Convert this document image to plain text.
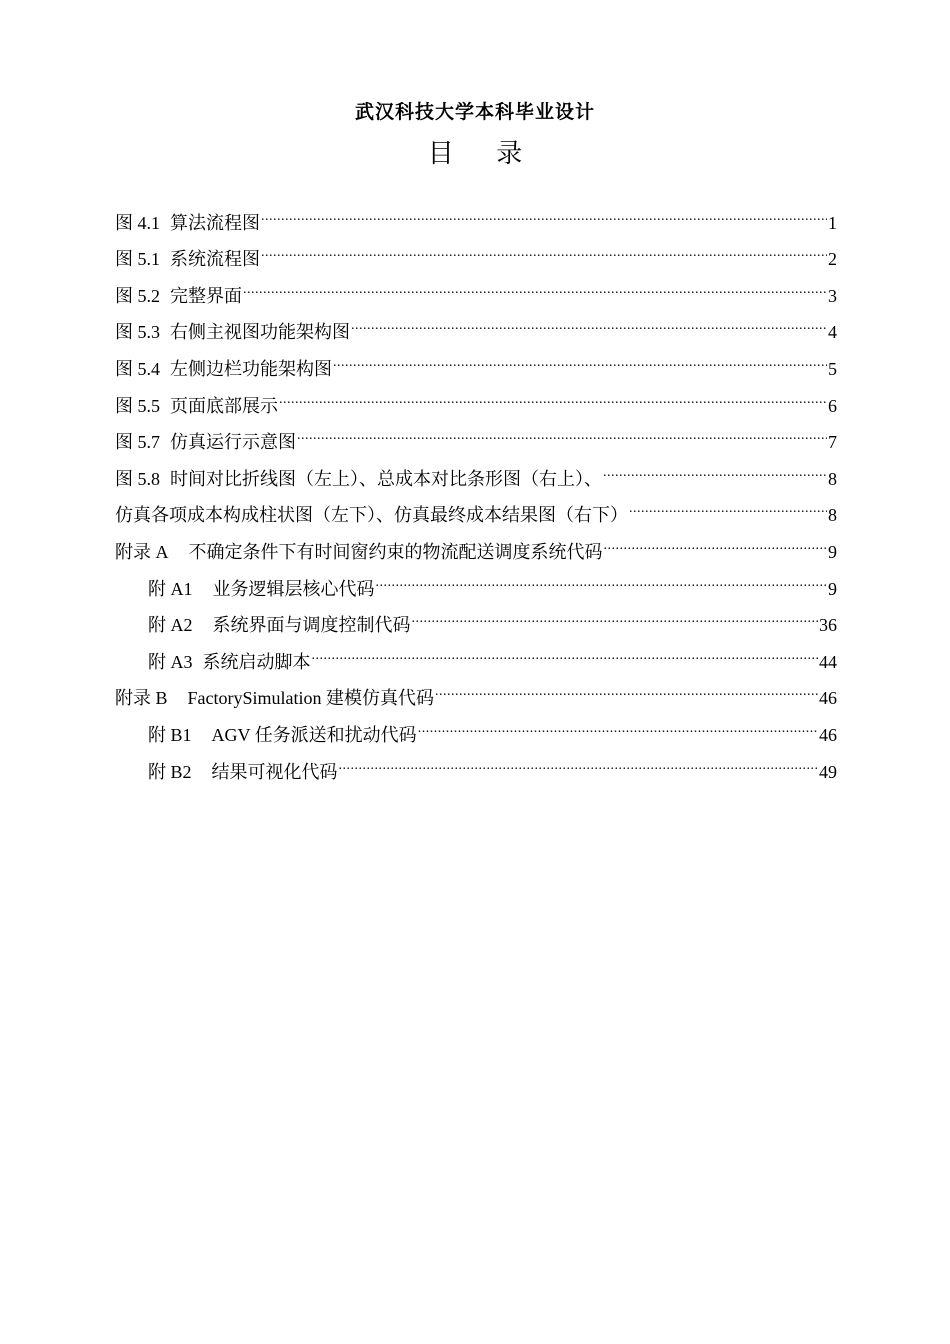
武汉科技大学本科毕业设计
目 录
图 4.1 算法流程图 .....	1
图 5.1 系统流程图 .....	2
图 5.2 完整界面 .....	3
图 5.3 右侧主视图功能架构图 .....	4
图 5.4 左侧边栏功能架构图 .....	5
图 5.5 页面底部展示 .....	6
图 5.7 仿真运行示意图 .....	7
图 5.8 时间对比折线图（左上）、总成本对比条形图（右上）、 .....	8
仿真各项成本构成柱状图（左下）、仿真最终成本结果图（右下） .....	8
附录 A 不确定条件下有时间窗约束的物流配送调度系统代码 .....	9
附 A1 业务逻辑层核心代码 .....	9
附 A2 系统界面与调度控制代码 .....	36
附 A3 系统启动脚本 .....	44
附录 B FactorySimulation 建模仿真代码 .....	46
附 B1 AGV 任务派送和扰动代码 .....	46
附 B2 结果可视化代码 .....	49
